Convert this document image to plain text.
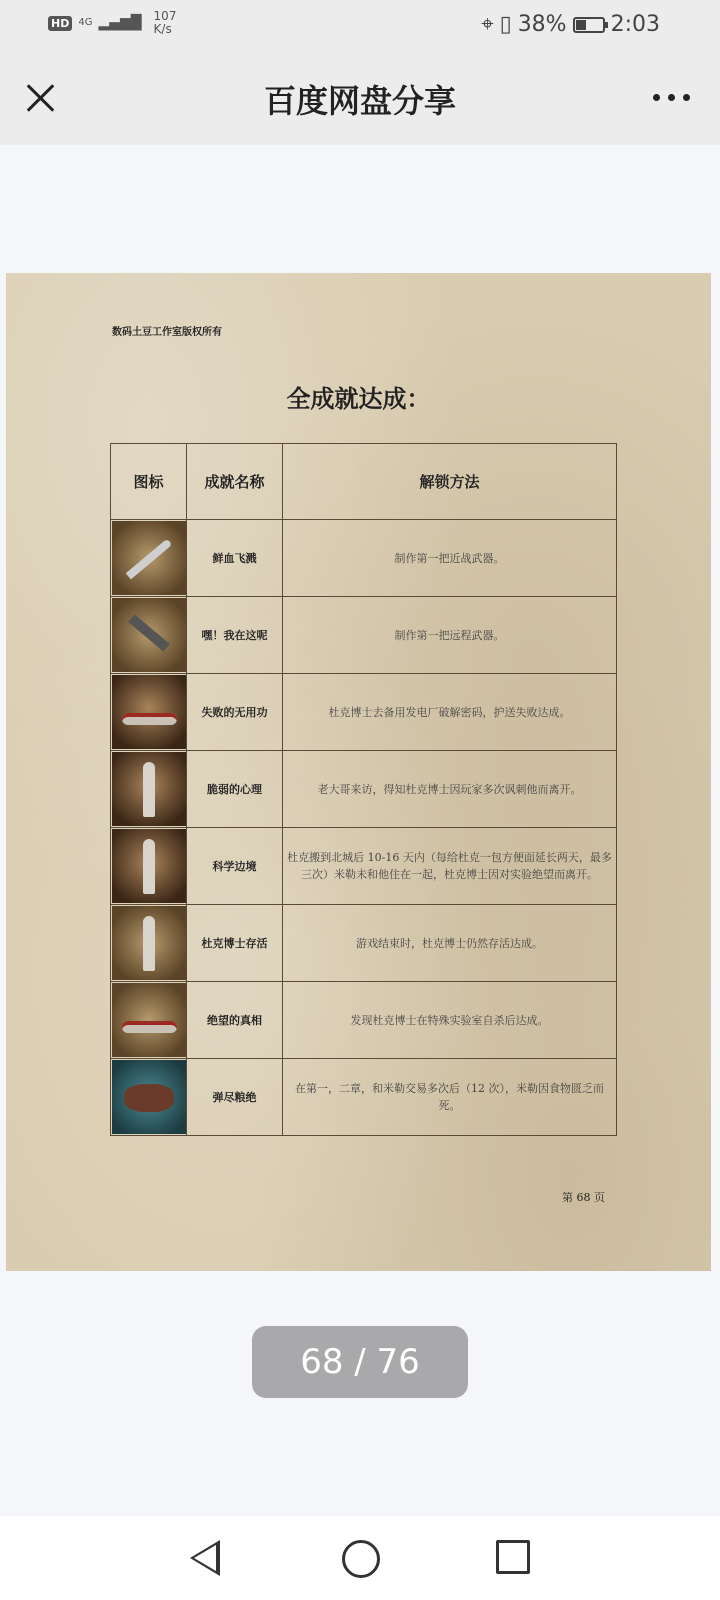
HD 4G ▂▄▆█ 107
K/s	⌖ ▯ 38% 2:03
百度网盘分享
数码土豆工作室版权所有
全成就达成：
图标	成就名称	解锁方法

	鲜血飞溅	制作第一把近战武器。

	嘿！我在这呢	制作第一把远程武器。

	失败的无用功	杜克博士去备用发电厂破解密码，护送失败达成。

	脆弱的心理	老大哥来访，得知杜克博士因玩家多次讽刺他而离开。

	科学边境	杜克搬到北城后 10-16 天内（每给杜克一包方便面延长两天，最多三次）米勒未和他住在一起，杜克博士因对实验绝望而离开。

	杜克博士存活	游戏结束时，杜克博士仍然存活达成。

	绝望的真相	发现杜克博士在特殊实验室自杀后达成。

	弹尽粮绝	在第一，二章，和米勒交易多次后（12 次），米勒因食物匮乏而死。
第 68 页
68 / 76
